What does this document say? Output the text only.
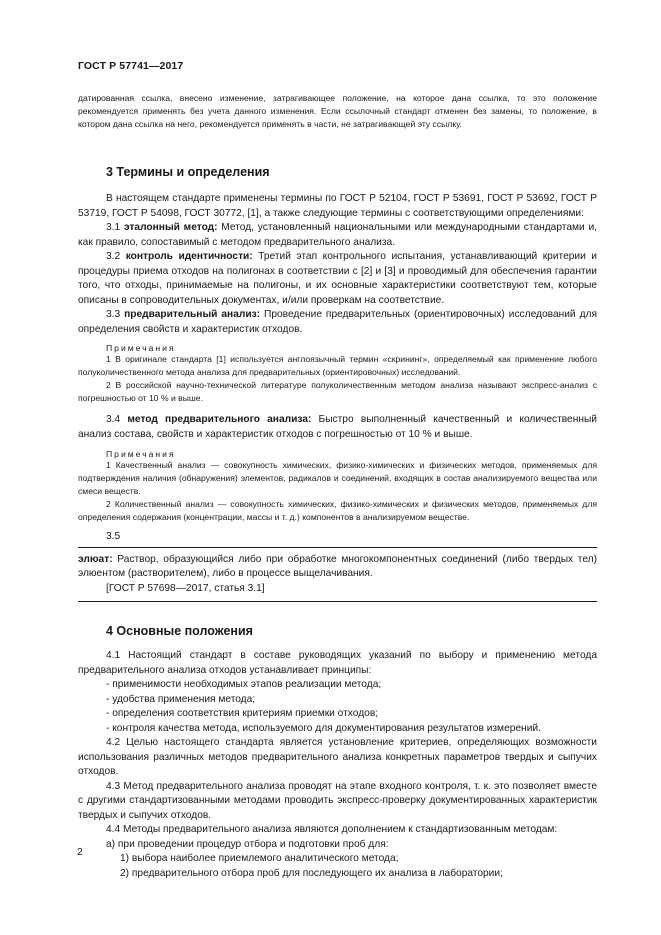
ГОСТ Р 57741—2017

датированная ссылка, внесено изменение, затрагивающее положение, на которое дана ссылка, то это положение рекомендуется применять без учета данного изменения. Если ссылочный стандарт отменен без замены, то положение, в котором дана ссылка на него, рекомендуется применять в части, не затрагивающей эту ссылку.

3 Термины и определения

В настоящем стандарте применены термины по ГОСТ Р 52104, ГОСТ Р 53691, ГОСТ Р 53692, ГОСТ Р 53719, ГОСТ Р 54098, ГОСТ 30772, [1], а также следующие термины с соответствующими определениями:

3.1 эталонный метод: Метод, установленный национальными или международными стандартами и, как правило, сопоставимый с методом предварительного анализа.

3.2 контроль идентичности: Третий этап контрольного испытания, устанавливающий критерии и процедуры приема отходов на полигонах в соответствии с [2] и [3] и проводимый для обеспечения гарантии того, что отходы, принимаемые на полигоны, и их основные характеристики соответствуют тем, которые описаны в сопроводительных документах, и/или проверкам на соответствие.

3.3 предварительный анализ: Проведение предварительных (ориентировочных) исследований для определения свойств и характеристик отходов.

Примечания

1 В оригинале стандарта [1] используется англоязычный термин «скрининг», определяемый как применение любого полуколичественного метода анализа для предварительных (ориентировочных) исследований.

2 В российской научно-технической литературе полуколичественным методом анализа называют экспресс-анализ с погрешностью от 10 % и выше.

3.4 метод предварительного анализа: Быстро выполненный качественный и количественный анализ состава, свойств и характеристик отходов с погрешностью от 10 % и выше.

Примечания

1 Качественный анализ — совокупность химических, физико-химических и физических методов, применяемых для подтверждения наличия (обнаружения) элементов, радикалов и соединений, входящих в состав анализируемого вещества или смеси веществ.

2 Количественный анализ — совокупность химических, физико-химических и физических методов, применяемых для определения содержания (концентрации, массы и т. д.) компонентов в анализируемом веществе.

3.5

элюат: Раствор, образующийся либо при обработке многокомпонентных соединений (либо твердых тел) элюентом (растворителем), либо в процессе выщелачивания.

[ГОСТ Р 57698—2017, статья 3.1]

4 Основные положения

4.1 Настоящий стандарт в составе руководящих указаний по выбору и применению метода предварительного анализа отходов устанавливает принципы:

- применимости необходимых этапов реализации метода;

- удобства применения метода;

- определения соответствия критериям приемки отходов;

- контроля качества метода, используемого для документирования результатов измерений.

4.2 Целью настоящего стандарта является установление критериев, определяющих возможности использования различных методов предварительного анализа конкретных параметров твердых и сыпучих отходов.

4.3 Метод предварительного анализа проводят на этапе входного контроля, т. к. это позволяет вместе с другими стандартизованными методами проводить экспресс-проверку документированных характеристик твердых и сыпучих отходов.

4.4 Методы предварительного анализа являются дополнением к стандартизованным методам:

а) при проведении процедур отбора и подготовки проб для:

1) выбора наиболее приемлемого аналитического метода;

2) предварительного отбора проб для последующего их анализа в лаборатории;

2
